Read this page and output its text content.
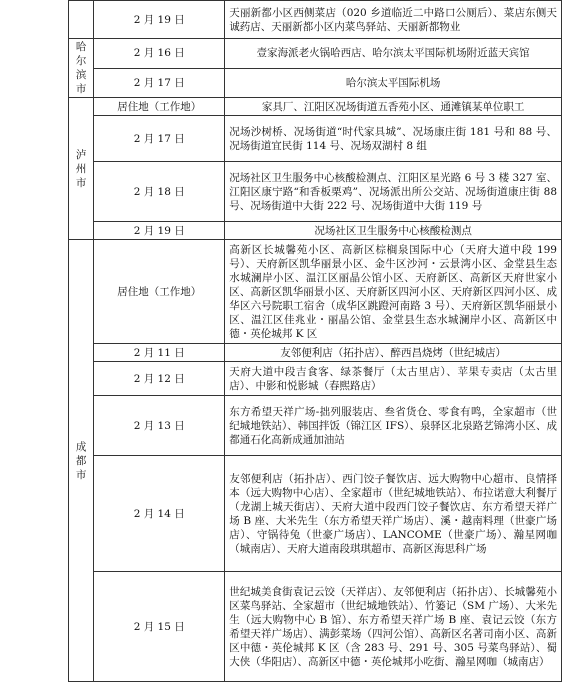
	2 月 19 日	天丽新都小区西侧菜店（020 乡道临近二中路口公厕后）、菜店东侧天诚药店、天丽新都小区内菜鸟驿站、天丽新都物业
哈尔滨市	2 月 16 日	壹家海派老火锅哈西店、哈尔滨太平国际机场附近蓝天宾馆
	2 月 17 日	哈尔滨太平国际机场
泸州市	居住地（工作地）	家具厂、江阳区况场街道五香苑小区、通滩镇某单位职工
	2 月 17 日	况场沙树桥、况场街道“时代家具城”、况场康庄街 181 号和 88 号、况场街道宜民街 114 号、况场双湖村 8 组
	2 月 18 日	况场社区卫生服务中心核酸检测点、江阳区星光路 6 号 3 楼 327 室、江阳区康宁路“和香板栗鸡”、况场派出所公交站、况场街道康庄街 88 号、况场街道中大街 222 号、况场街道中大街 119 号
	2 月 19 日	况场社区卫生服务中心核酸检测点
成都市	居住地（工作地）	高新区长城馨苑小区、高新区棕榈泉国际中心（天府大道中段 199 号）、天府新区凯华丽景小区、金牛区沙河・云景湾小区、金堂县生态水城澜岸小区、温江区丽晶公馆小区、天府新区、高新区天府世家小区、高新区凯华丽景小区、天府新区四河小区、天府新区四河小区、成华区六号院职工宿舍（成华区跳蹬河南路 3 号）、天府新区凯华丽景小区、温江区佳兆业・丽晶公馆、金堂县生态水城澜岸小区、高新区中德・英伦城邦 K 区
	2 月 11 日	友邻便利店（拓扑店）、醉西昌烧烤（世纪城店）
	2 月 12 日	天府大道中段吉食客、绿茶餐厅（太古里店）、苹果专卖店（太古里店）、中影和悦影城（春熙路店）
	2 月 13 日	东方希望天祥广场-拙列服装店、叁省货仓、零食有鸣，全家超市（世纪城地铁站）、韩国拌饭（锦江区 IFS）、泉驿区北泉路艺锦湾小区、成都通石化高新成通加油站
	2 月 14 日	友邻便利店（拓扑店）、西门饺子餐饮店、远大购物中心超市、良情择本（远大购物中心店）、全家超市（世纪城地铁站）、布拉诺意大利餐厅（龙湖上城天街店）、天府大道中段西门饺子餐饮店、东方希望天祥广场 B 座、大米先生（东方希望天祥广场店）、溪・越南料理（世豪广场店）、守锅待兔（世豪广场店）、LANCOME（世豪广场）、瀚星网咖（城南店）、天府大道南段琪琪超市、高新区海思科广场
	2 月 15 日	世纪城美食街袁记云饺（天祥店）、友邻便利店（拓扑店）、长城馨苑小区菜鸟驿站、全家超市（世纪城地铁站）、竹篓记（SM 广场）、大米先生（远大购物中心 B 馆）、东方希望天祥广场 B 座、袁记云饺（东方希望天祥广场店）、满彭菜场（四河公馆）、高新区名著司南小区、高新区中德・英伦城邦 K 区（含 283 号、291 号、305 号菜鸟驿站）、蜀大侠（华阳店）、高新区中德・英伦城邦小吃街、瀚星网咖（城南店）
